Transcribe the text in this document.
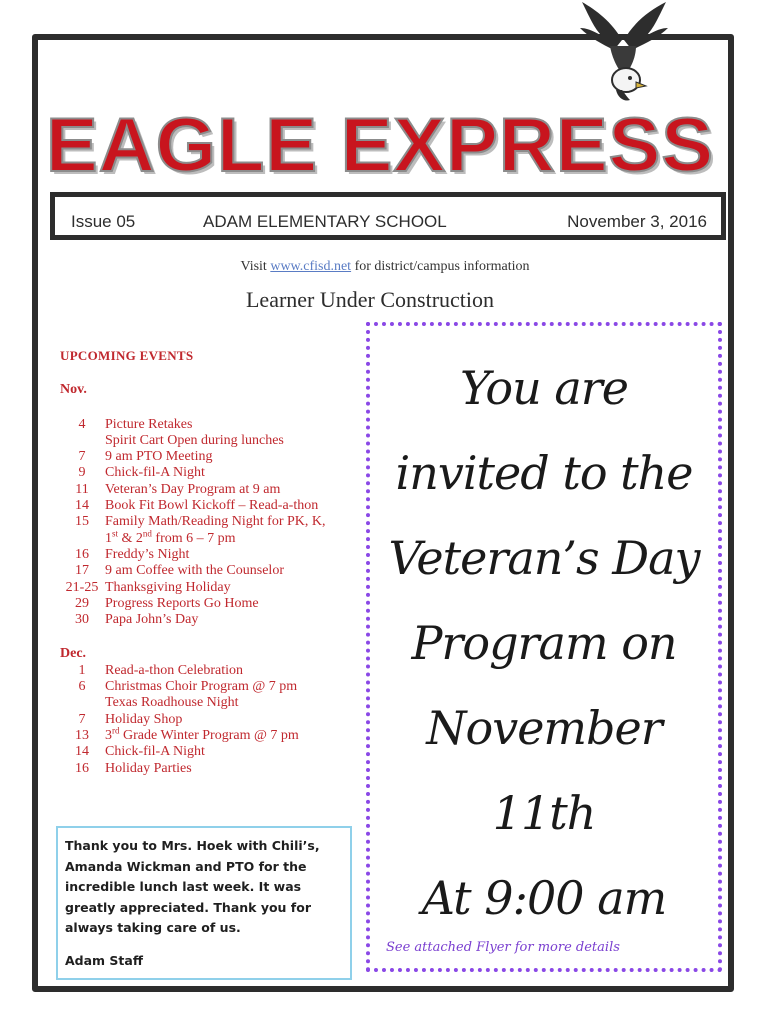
EAGLE EXPRESS
Issue 05	ADAM ELEMENTARY SCHOOL	November 3, 2016
Visit www.cfisd.net for district/campus information
Learner Under Construction
UPCOMING EVENTS
Nov.
4	Picture Retakes
Spirit Cart Open during lunches
7	9 am PTO Meeting
9	Chick-fil-A Night
11	Veteran’s Day Program at 9 am
14	Book Fit Bowl Kickoff – Read-a-thon
15	Family Math/Reading Night for PK, K,
1st & 2nd from 6 – 7 pm
16	Freddy’s Night
17	9 am Coffee with the Counselor
21-25 Thanksgiving Holiday
29	Progress Reports Go Home
30	Papa John’s Day
Dec.
1	Read-a-thon Celebration
6	Christmas Choir Program @ 7 pm
Texas Roadhouse Night
7	Holiday Shop
13	3rd Grade Winter Program @ 7 pm
14	Chick-fil-A Night
16	Holiday Parties
Thank you to Mrs. Hoek with Chili’s, Amanda Wickman and PTO for the incredible lunch last week. It was greatly appreciated. Thank you for always taking care of us.
Adam Staff
You are
invited to the
Veteran’s Day
Program on
November
11th
At 9:00 am
See attached Flyer for more details
